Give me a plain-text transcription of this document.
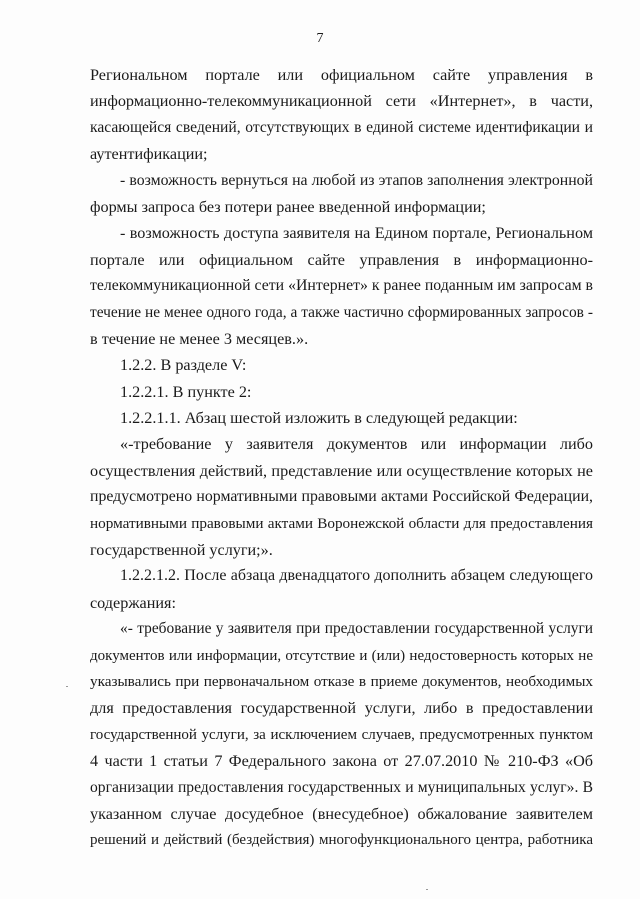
7
Региональном портале или официальном сайте управления в
информационно-телекоммуникационной сети «Интернет», в части,
касающейся сведений, отсутствующих в единой системе идентификации и
аутентификации;
- возможность вернуться на любой из этапов заполнения электронной
формы запроса без потери ранее введенной информации;
- возможность доступа заявителя на Едином портале, Региональном
портале или официальном сайте управления в информационно-
телекоммуникационной сети «Интернет» к ранее поданным им запросам в
течение не менее одного года, а также частично сформированных запросов -
в течение не менее 3 месяцев.».
1.2.2. В разделе V:
1.2.2.1. В пункте 2:
1.2.2.1.1. Абзац шестой изложить в следующей редакции:
«-требование у заявителя документов или информации либо
осуществления действий, представление или осуществление которых не
предусмотрено нормативными правовыми актами Российской Федерации,
нормативными правовыми актами Воронежской области для предоставления
государственной услуги;».
1.2.2.1.2. После абзаца двенадцатого дополнить абзацем следующего
содержания:
«- требование у заявителя при предоставлении государственной услуги
документов или информации, отсутствие и (или) недостоверность которых не
указывались при первоначальном отказе в приеме документов, необходимых
для предоставления государственной услуги, либо в предоставлении
государственной услуги, за исключением случаев, предусмотренных пунктом
4 части 1 статьи 7 Федерального закона от 27.07.2010 № 210-ФЗ «Об
организации предоставления государственных и муниципальных услуг». В
указанном случае досудебное (внесудебное) обжалование заявителем
решений и действий (бездействия) многофункционального центра, работника
